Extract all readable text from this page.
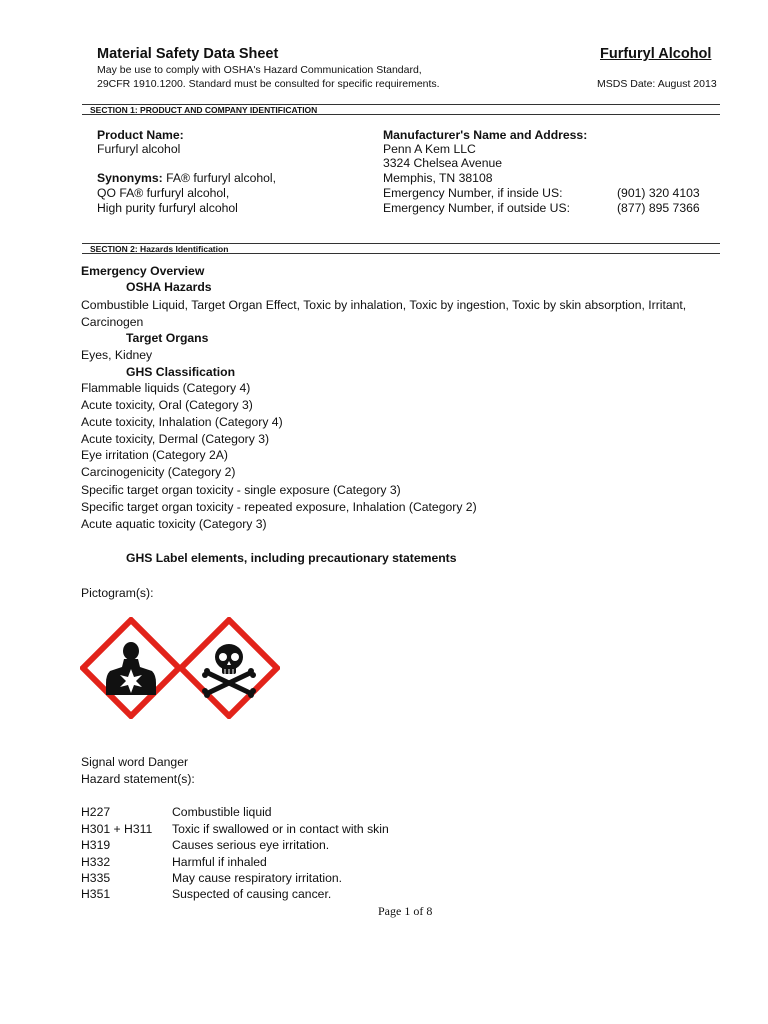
Material Safety Data Sheet	Furfuryl Alcohol
May be use to comply with OSHA's Hazard Communication Standard,
29CFR 1910.1200. Standard must be consulted for specific requirements.	MSDS Date: August 2013
SECTION 1: PRODUCT AND COMPANY IDENTIFICATION
Product Name:
Furfuryl alcohol
Synonyms: FA® furfuryl alcohol,
QO FA® furfuryl alcohol,
High purity furfuryl alcohol
Manufacturer's Name and Address:
Penn A Kem LLC
3324 Chelsea Avenue
Memphis, TN 38108
Emergency Number, if inside US:	(901) 320 4103
Emergency Number, if outside US:	(877) 895 7366
SECTION 2: Hazards Identification
Emergency Overview
OSHA Hazards
Combustible Liquid, Target Organ Effect, Toxic by inhalation, Toxic by ingestion, Toxic by skin absorption, Irritant,
Carcinogen
Target Organs
Eyes, Kidney
GHS Classification
Flammable liquids (Category 4)
Acute toxicity, Oral (Category 3)
Acute toxicity, Inhalation (Category 4)
Acute toxicity, Dermal (Category 3)
Eye irritation (Category 2A)
Carcinogenicity (Category 2)
Specific target organ toxicity - single exposure (Category 3)
Specific target organ toxicity - repeated exposure, Inhalation (Category 2)
Acute aquatic toxicity (Category 3)
GHS Label elements, including precautionary statements
Pictogram(s):
Signal word Danger
Hazard statement(s):
H227	Combustible liquid
H301 + H311 Toxic if swallowed or in contact with skin
H319	Causes serious eye irritation.
H332	Harmful if inhaled
H335	May cause respiratory irritation.
H351	Suspected of causing cancer.
Page 1 of 8
